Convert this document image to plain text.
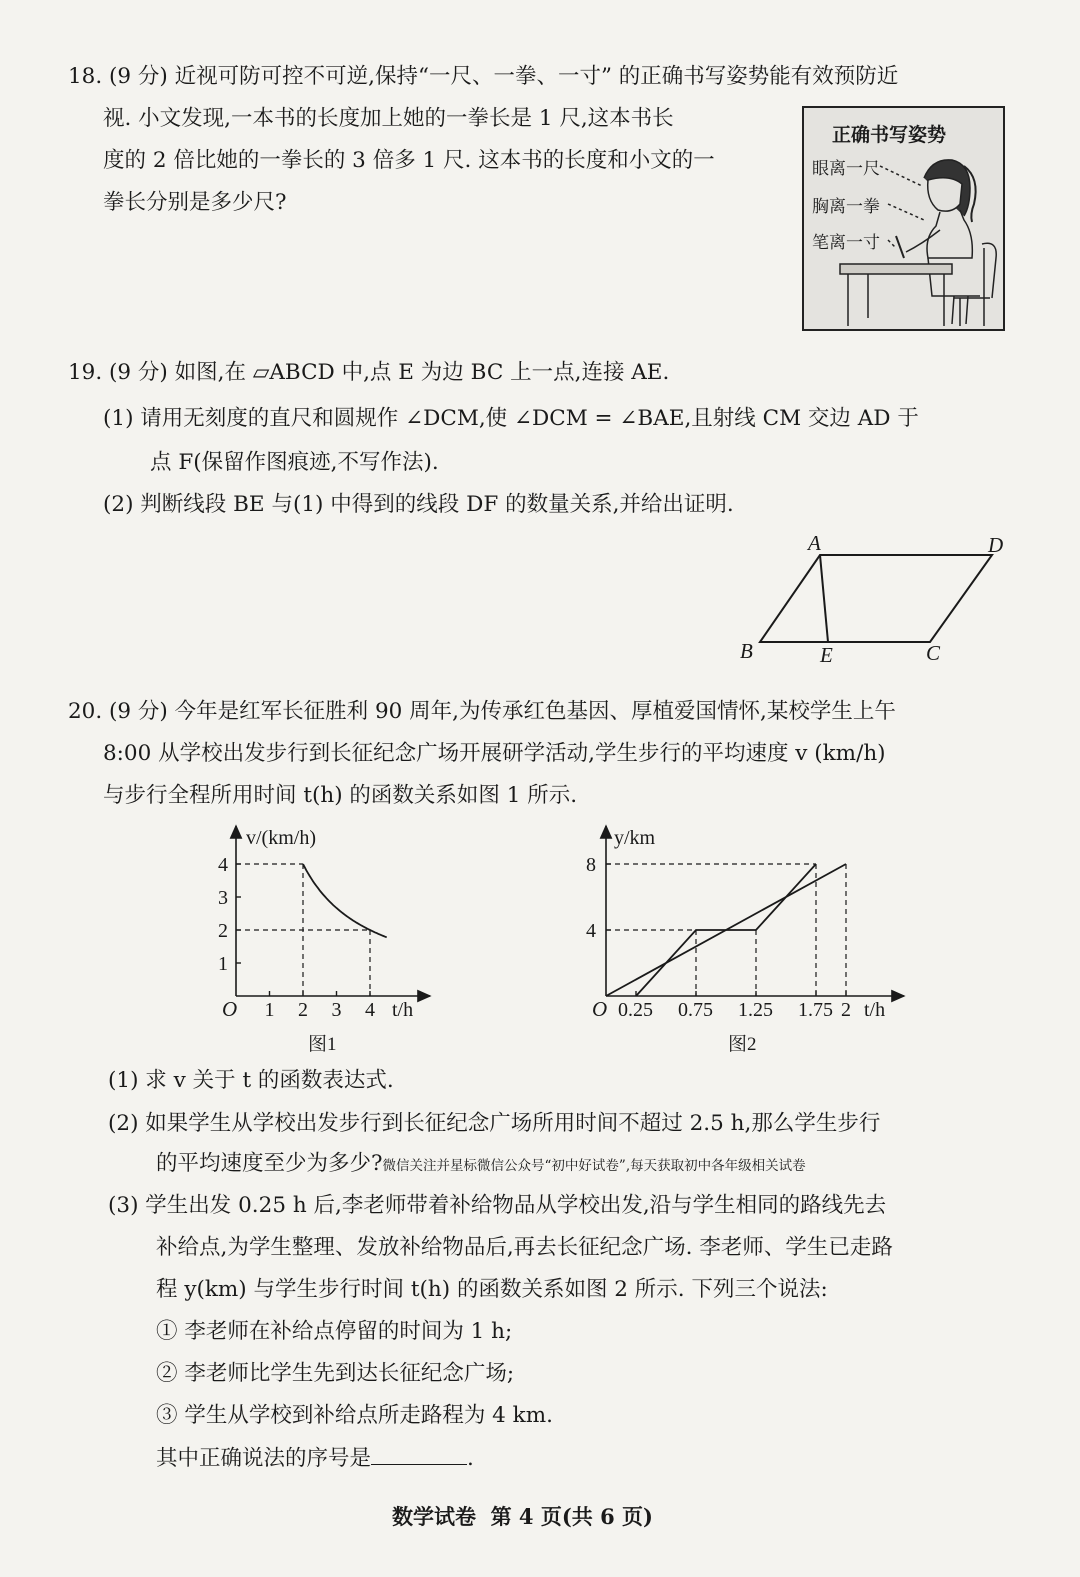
18. (9 分) 近视可防可控不可逆,保持“一尺、一拳、一寸” 的正确书写姿势能有效预防近
视. 小文发现,一本书的长度加上她的一拳长是 1 尺,这本书长
度的 2 倍比她的一拳长的 3 倍多 1 尺. 这本书的长度和小文的一
拳长分别是多少尺?
正确书写姿势
眼离一尺
胸离一拳
笔离一寸
19. (9 分) 如图,在 ▱ABCD 中,点 E 为边 BC 上一点,连接 AE.
(1) 请用无刻度的直尺和圆规作 ∠DCM,使 ∠DCM = ∠BAE,且射线 CM 交边 AD 于
点 F(保留作图痕迹,不写作法).
(2) 判断线段 BE 与(1) 中得到的线段 DF 的数量关系,并给出证明.
A	D
B	E	C
20. (9 分) 今年是红军长征胜利 90 周年,为传承红色基因、厚植爱国情怀,某校学生上午
8:00 从学校出发步行到长征纪念广场开展研学活动,学生步行的平均速度 v (km/h)
与步行全程所用时间 t(h) 的函数关系如图 1 所示.
1 2 3 4
1
2
3
4
O
v/(km/h)
t/h
图1
0.25 0.75 1.25 1.75 2
4
8
O
y/km
t/h
图2
(1) 求 v 关于 t 的函数表达式.
(2) 如果学生从学校出发步行到长征纪念广场所用时间不超过 2.5 h,那么学生步行
的平均速度至少为多少? 微信关注并星标微信公众号“初中好试卷”,每天获取初中各年级相关试卷
(3) 学生出发 0.25 h 后,李老师带着补给物品从学校出发,沿与学生相同的路线先去
补给点,为学生整理、发放补给物品后,再去长征纪念广场. 李老师、学生已走路
程 y(km) 与学生步行时间 t(h) 的函数关系如图 2 所示. 下列三个说法:
① 李老师在补给点停留的时间为 1 h;
② 李老师比学生先到达长征纪念广场;
③ 学生从学校到补给点所走路程为 4 km.
其中正确说法的序号是	.
数学试卷  第 4 页(共 6 页)
